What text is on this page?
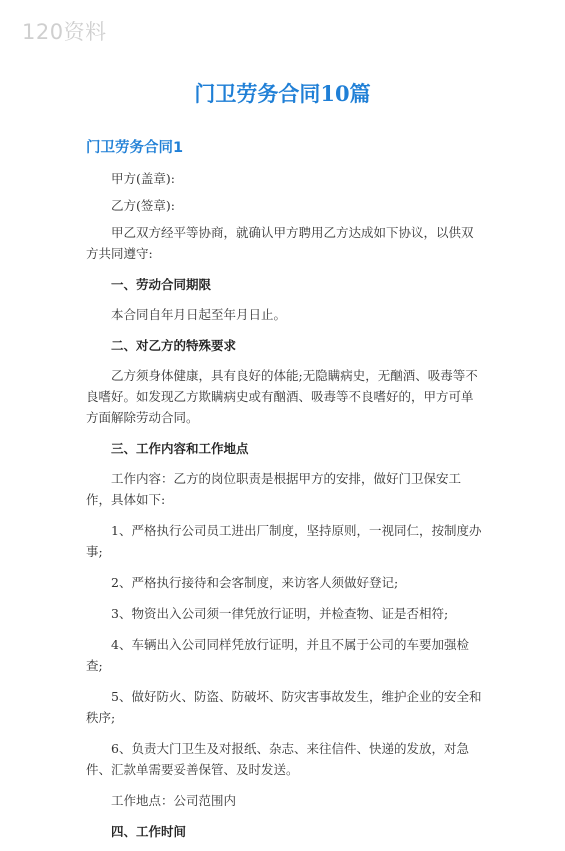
120资料
门卫劳务合同10篇
门卫劳务合同1

甲方(盖章):

乙方(签章):

甲乙双方经平等协商，就确认甲方聘用乙方达成如下协议，以供双方共同遵守:

一、劳动合同期限

本合同自年月日起至年月日止。

二、对乙方的特殊要求

乙方须身体健康，具有良好的体能;无隐瞒病史，无酗酒、吸毒等不良嗜好。如发现乙方欺瞒病史或有酗酒、吸毒等不良嗜好的，甲方可单方面解除劳动合同。

三、工作内容和工作地点

工作内容：乙方的岗位职责是根据甲方的安排，做好门卫保安工作，具体如下:

1、严格执行公司员工进出厂制度，坚持原则，一视同仁，按制度办事;

2、严格执行接待和会客制度，来访客人须做好登记;

3、物资出入公司须一律凭放行证明，并检查物、证是否相符;

4、车辆出入公司同样凭放行证明，并且不属于公司的车要加强检查;

5、做好防火、防盗、防破坏、防灾害事故发生，维护企业的安全和秩序;

6、负责大门卫生及对报纸、杂志、来往信件、快递的发放，对急件、汇款单需要妥善保管、及时发送。

工作地点：公司范围内

四、工作时间
